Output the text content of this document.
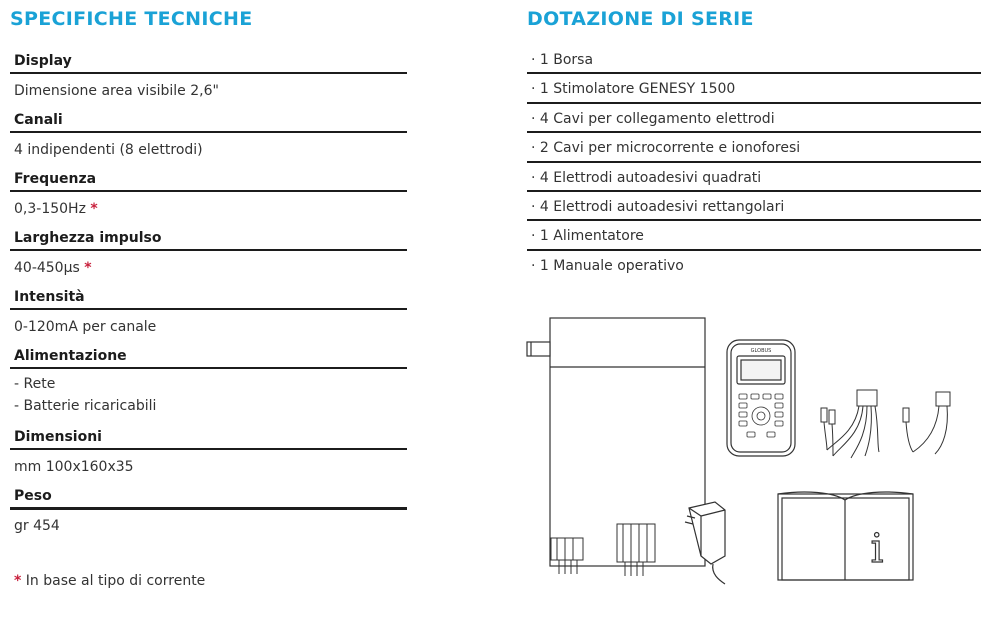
SPECIFICHE TECNICHE	DOTAZIONE DI SERIE
Display
Dimensione area visibile 2,6"
Canali
4 indipendenti (8 elettrodi)
Frequenza
0,3-150Hz *
Larghezza impulso
40-450µs *
Intensità
0-120mA per canale
Alimentazione
- Rete
- Batterie ricaricabili
Dimensioni
mm 100x160x35
Peso
gr 454
* In base al tipo di corrente
· 1 Borsa
· 1 Stimolatore GENESY 1500
· 4 Cavi per collegamento elettrodi
· 2 Cavi per microcorrente e ionoforesi
· 4 Elettrodi autoadesivi quadrati
· 4 Elettrodi autoadesivi rettangolari
· 1 Alimentatore
· 1 Manuale operativo
GLOBUS
i
